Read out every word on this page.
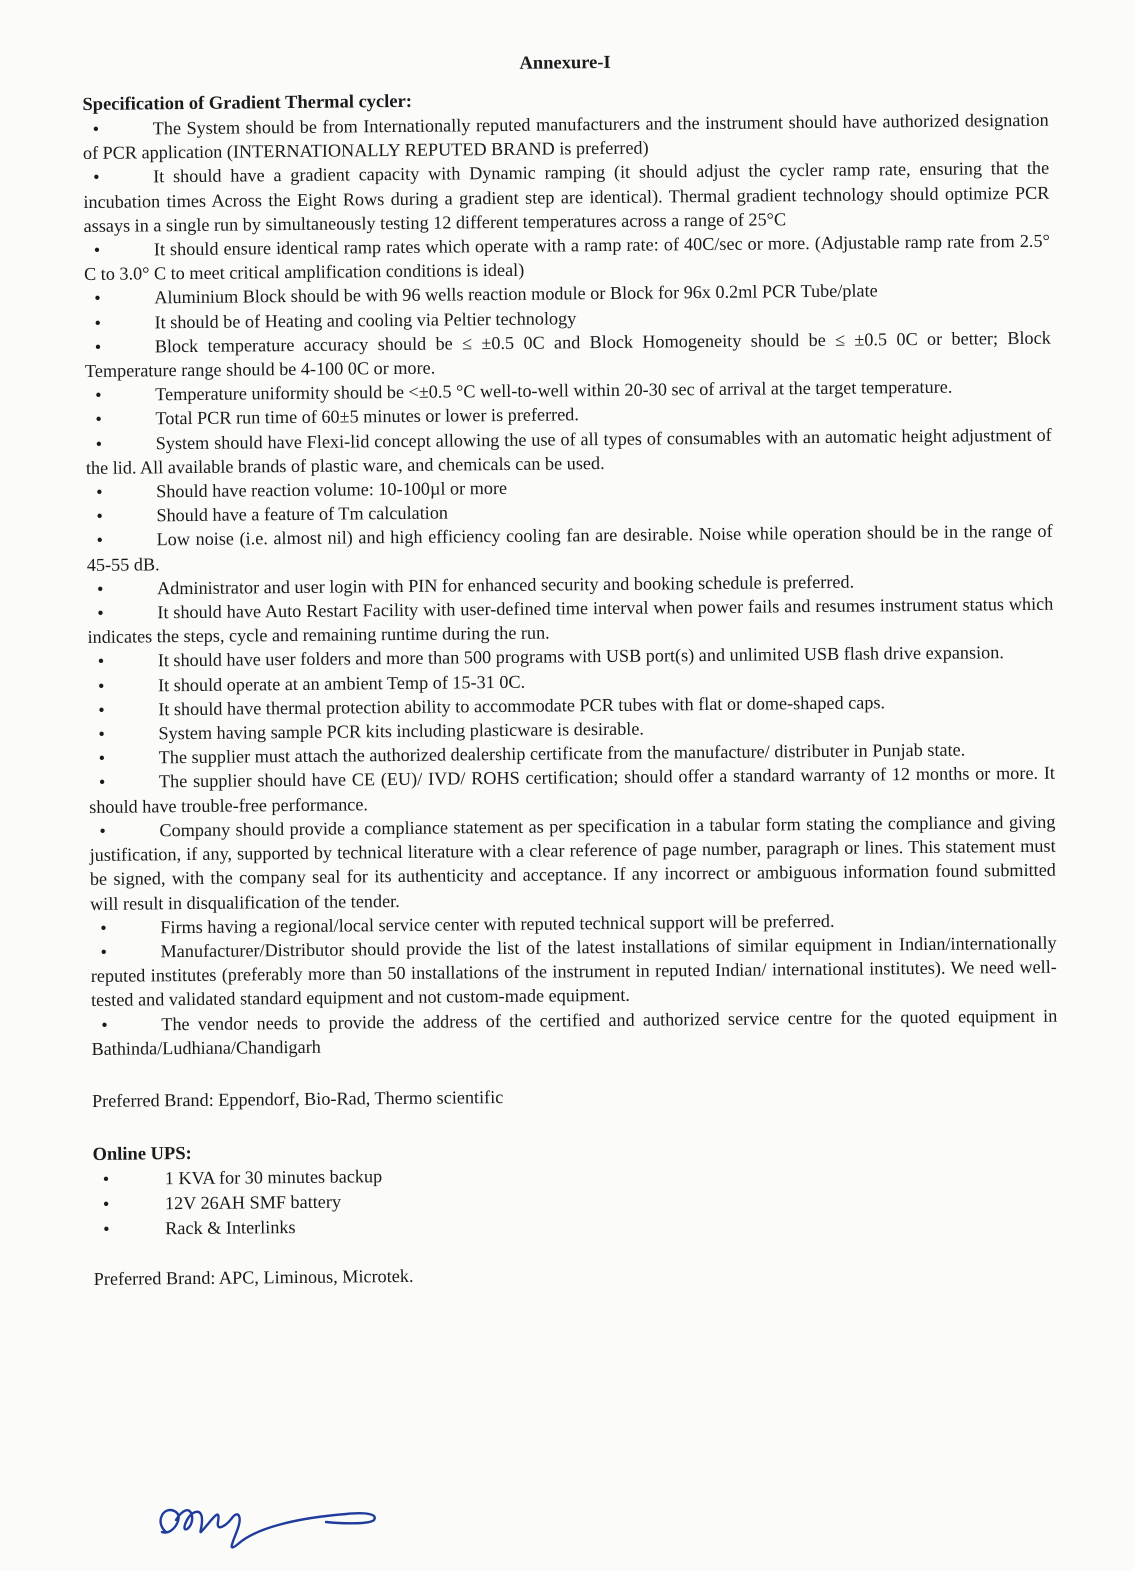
Annexure-I
Specification of Gradient Thermal cycler:
•	The System should be from Internationally reputed manufacturers and the instrument should have authorized designation of PCR application (INTERNATIONALLY REPUTED BRAND is preferred)
•	It should have a gradient capacity with Dynamic ramping (it should adjust the cycler ramp rate, ensuring that the incubation times Across the Eight Rows during a gradient step are identical). Thermal gradient technology should optimize PCR assays in a single run by simultaneously testing 12 different temperatures across a range of 25°C
•	It should ensure identical ramp rates which operate with a ramp rate: of 40C/sec or more. (Adjustable ramp rate from 2.5° C to 3.0° C to meet critical amplification conditions is ideal)
•	Aluminium Block should be with 96 wells reaction module or Block for 96x 0.2ml PCR Tube/plate
•	It should be of Heating and cooling via Peltier technology
•	Block temperature accuracy should be ≤ ±0.5 0C and Block Homogeneity should be ≤ ±0.5 0C or better; Block Temperature range should be 4-100 0C or more.
•	Temperature uniformity should be <±0.5 °C well-to-well within 20-30 sec of arrival at the target temperature.
•	Total PCR run time of 60±5 minutes or lower is preferred.
•	System should have Flexi-lid concept allowing the use of all types of consumables with an automatic height adjustment of the lid. All available brands of plastic ware, and chemicals can be used.
•	Should have reaction volume: 10-100µl or more
•	Should have a feature of Tm calculation
•	Low noise (i.e. almost nil) and high efficiency cooling fan are desirable. Noise while operation should be in the range of 45-55 dB.
•	Administrator and user login with PIN for enhanced security and booking schedule is preferred.
•	It should have Auto Restart Facility with user-defined time interval when power fails and resumes instrument status which indicates the steps, cycle and remaining runtime during the run.
•	It should have user folders and more than 500 programs with USB port(s) and unlimited USB flash drive expansion.
•	It should operate at an ambient Temp of 15-31 0C.
•	It should have thermal protection ability to accommodate PCR tubes with flat or dome-shaped caps.
•	System having sample PCR kits including plasticware is desirable.
•	The supplier must attach the authorized dealership certificate from the manufacture/ distributer in Punjab state.
•	The supplier should have CE (EU)/ IVD/ ROHS certification; should offer a standard warranty of 12 months or more. It should have trouble-free performance.
•	Company should provide a compliance statement as per specification in a tabular form stating the compliance and giving justification, if any, supported by technical literature with a clear reference of page number, paragraph or lines. This statement must be signed, with the company seal for its authenticity and acceptance. If any incorrect or ambiguous information found submitted will result in disqualification of the tender.
•	Firms having a regional/local service center with reputed technical support will be preferred.
•	Manufacturer/Distributor should provide the list of the latest installations of similar equipment in Indian/internationally reputed institutes (preferably more than 50 installations of the instrument in reputed Indian/ international institutes). We need well-tested and validated standard equipment and not custom-made equipment.
•	The vendor needs to provide the address of the certified and authorized service centre for the quoted equipment in Bathinda/Ludhiana/Chandigarh

Preferred Brand: Eppendorf, Bio-Rad, Thermo scientific

Online UPS:
•	1 KVA for 30 minutes backup
•	12V 26AH SMF battery
•	Rack & Interlinks

Preferred Brand: APC, Liminous, Microtek.
